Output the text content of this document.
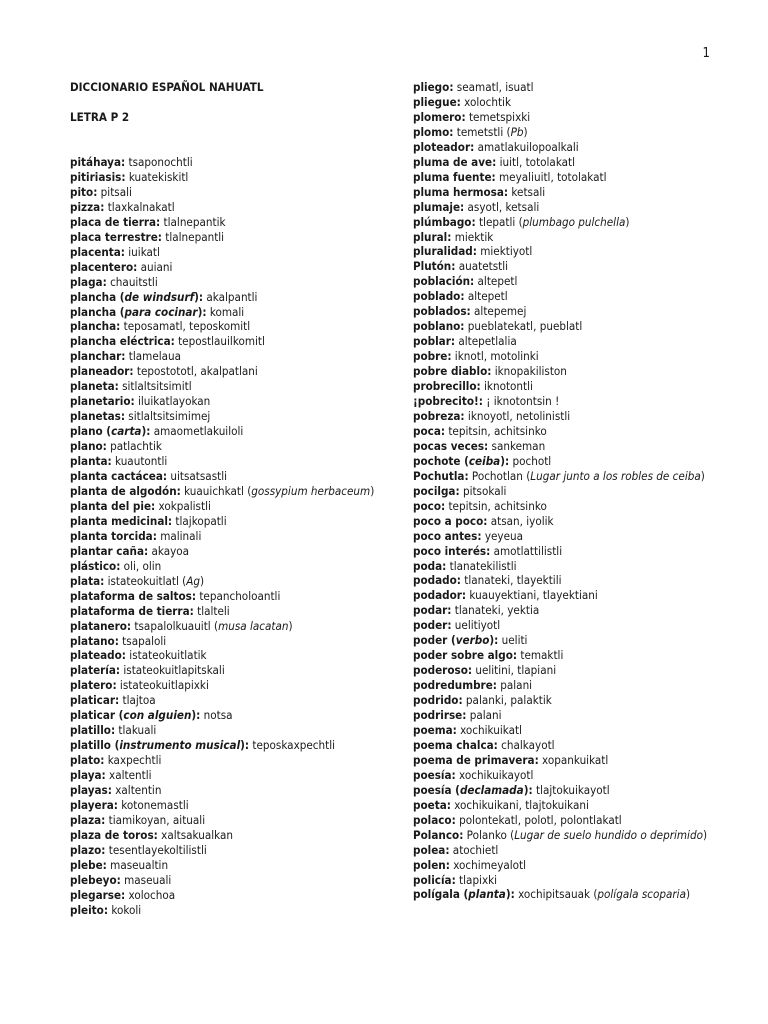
1
DICCIONARIO ESPAÑOL NAHUATL
LETRA P 2
pitáhaya: tsaponochtli
pitiriasis: kuatekiskitl
pito: pitsali
pizza: tlaxkalnakatl
placa de tierra: tlalnepantik
placa terrestre: tlalnepantli
placenta: iuikatl
placentero: auiani
plaga: chauitstli
plancha (de windsurf): akalpantli
plancha (para cocinar): komali
plancha: teposamatl, teposkomitl
plancha eléctrica: tepostlauilkomitl
planchar: tlamelaua
planeador: tepostototl, akalpatlani
planeta: sitlaltsitsimitl
planetario: iluikatlayokan
planetas: sitlaltsitsimimej
plano (carta): amaometlakuiloli
plano: patlachtik
planta: kuautontli
planta cactácea: uitsatsastli
planta de algodón: kuauichkatl (gossypium herbaceum)
planta del pie: xokpalistli
planta medicinal: tlajkopatli
planta torcida: malinali
plantar caña: akayoa
plástico: oli, olin
plata: istateokuitlatl (Ag)
plataforma de saltos: tepancholoantli
plataforma de tierra: tlalteli
platanero: tsapalolkuauitl (musa lacatan)
platano: tsapaloli
plateado: istateokuitlatik
platería: istateokuitlapitskali
platero: istateokuitlapixki
platicar: tlajtoa
platicar (con alguien): notsa
platillo: tlakuali
platillo (instrumento musical): teposkaxpechtli
plato: kaxpechtli
playa: xaltentli
playas: xaltentin
playera: kotonemastli
plaza: tiamikoyan, aituali
plaza de toros: xaltsakualkan
plazo: tesentlayekoltilistli
plebe: maseualtin
plebeyo: maseuali
plegarse: xolochoa
pleito: kokoli
pliego: seamatl, isuatl
pliegue: xolochtik
plomero: temetspixki
plomo: temetstli (Pb)
ploteador: amatlakuilopoalkali
pluma de ave: iuitl, totolakatl
pluma fuente: meyaliuitl, totolakatl
pluma hermosa: ketsali
plumaje: asyotl, ketsali
plúmbago: tlepatli (plumbago pulchella)
plural: miektik
pluralidad: miektiyotl
Plutón: auatetstli
población: altepetl
poblado: altepetl
poblados: altepemej
poblano: pueblatekatl, pueblatl
poblar: altepetlalia
pobre: iknotl, motolinki
pobre diablo: iknopakiliston
probrecillo: iknotontli
¡pobrecito!: ¡ iknotontsin !
pobreza: iknoyotl, netolinistli
poca: tepitsin, achitsinko
pocas veces: sankeman
pochote (ceiba): pochotl
Pochutla: Pochotlan (Lugar junto a los robles de ceiba)
pocilga: pitsokali
poco: tepitsin, achitsinko
poco a poco: atsan, iyolik
poco antes: yeyeua
poco interés: amotlattilistli
poda: tlanatekilistli
podado: tlanateki, tlayektili
podador: kuauyektiani, tlayektiani
podar: tlanateki, yektia
poder: uelitiyotl
poder (verbo): ueliti
poder sobre algo: temaktli
poderoso: uelitini, tlapiani
podredumbre: palani
podrido: palanki, palaktik
podrirse: palani
poema: xochikuikatl
poema chalca: chalkayotl
poema de primavera: xopankuikatl
poesía: xochikuikayotl
poesía (declamada): tlajtokuikayotl
poeta: xochikuikani, tlajtokuikani
polaco: polontekatl, polotl, polontlakatl
Polanco: Polanko (Lugar de suelo hundido o deprimido)
polea: atochietl
polen: xochimeyalotl
policía: tlapixki
polígala (planta): xochipitsauak (polígala scoparia)
